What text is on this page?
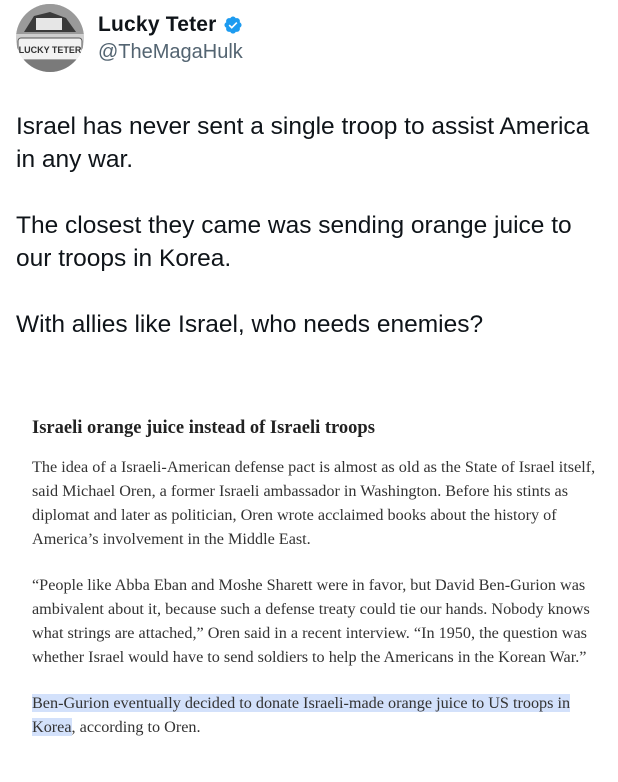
LUCKY TETER
Lucky Teter
@TheMagaHulk

Israel has never sent a single troop to assist America in any war.

The closest they came was sending orange juice to our troops in Korea.

With allies like Israel, who needs enemies?

Israeli orange juice instead of Israeli troops

The idea of a Israeli-American defense pact is almost as old as the State of Israel itself, said Michael Oren, a former Israeli ambassador in Washington. Before his stints as diplomat and later as politician, Oren wrote acclaimed books about the history of America’s involvement in the Middle East.

“People like Abba Eban and Moshe Sharett were in favor, but David Ben-Gurion was ambivalent about it, because such a defense treaty could tie our hands. Nobody knows what strings are attached,” Oren said in a recent interview. “In 1950, the question was whether Israel would have to send soldiers to help the Americans in the Korean War.”

Ben-Gurion eventually decided to donate Israeli-made orange juice to US troops in Korea, according to Oren.
